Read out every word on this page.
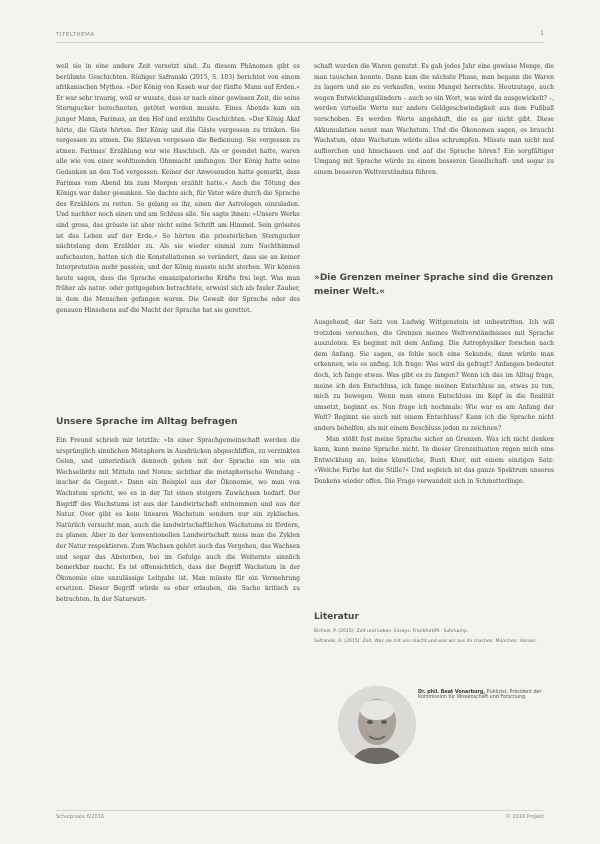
TITELTHEMA	1

weil sie in eine andere Zeit versetzt sind. Zu diesem Phänomen gibt es berühmte Geschichten. Rüdiger Safranski (2015, S. 103) berichtet von einem afrikanischen Mythos. »Der König von Kaseh war der fünfte Mann auf Erden.« Er war sehr traurig, weil er wusste, dass er nach einer gewissen Zeit, die seine Sterngucker berechneten, getötet werden musste. Eines Abends kam ein junger Mann, Farimas, an den Hof und erzählte Geschichten. »Der König Akaf hörte, die Gäste hörten. Der König und die Gäste vergessen zu trinken. Sie vergessen zu atmen. Die Sklaven vergessen die Bedienung. Sie vergessen zu atmen. Farimas' Erzählung war wie Haschisch. Als er geendet hatte, waren alle wie von einer wohltuenden Ohnmacht umfangen. Der König hatte seine Gedanken an den Tod vergessen. Keiner der Anwesenden hatte gemerkt, dass Farimas vom Abend bis zum Morgen erzählt hatte.« Auch die Tötung des Königs war daher gesunken. Sie dachte sich, für Vater wäre durch die Sprache des Erzählers zu retten. So gelang es ihr, einen der Astrologen einzuladen. Und nachher noch einen und am Schluss alle. Sie sagte ihnen: »Unsere Werke sind gross, das grösste ist aber nicht seine Schrift am Himmel. Sein grösstes ist das Leben auf der Erde.« So hörten die priesterlichen Sterngucker nächtelang dem Erzähler zu. Als sie wieder einmal zum Nachthimmel aufschauten, hatten sich die Konstellationen so verändert, dass sie an keiner Interpretation mehr passten, und der König musste nicht sterben. Wir können heute sagen, dass die Sprache emanzipatorische Kräfte frei legt. Was man früher als natur- oder gottgegeben betrachtete, erweist sich als fauler Zauber, in dem die Menschen gefangen waren. Die Gewalt der Sprache oder des genauen Hinsehens auf die Macht der Sprache hat sie gerettet.

Unsere Sprache im Alltag befragen

Ein Freund schrieb mir letztlin: »In einer Sprachgemeinschaft werden die ursprünglich sinnlichen Metaphern in Ausdrücken abgeschliffen, zu verzinkten Gelen, und unterirdisch dennoch gehen mit der Sprache ein wie ein Wechselbrite mit Mitteln und Noten: sichtbar die metaphorische Wendung – inscher da Gegent.« Dann ein Beispiel aus der Ökonomie, wo man von Wachstum spricht, wo es in der Tat einen steigern Zuwächsen bedarf. Der Begriff des Wachstums ist aus der Landwirtschaft entnommen und aus der Natur. Over gibt es kein lineares Wachstum sondern nur ein zyklisches. Natürlich versucht man, auch die landwirtschaftlichen Wachstums zu fördern, zu planen. Aber in der konventionellen Landwirtschaft muss man die Zyklen der Natur respektieren. Zum Wachsen gehört auch das Vergehen, das Wachsen und sogar das Absterben, bei im Gefolge auch die Welternte sinnlich bemerkbar macht. Es ist offensichtlich, dass der Begriff Wachstum in der Ökonomie eine unzulässige Leitgabe ist. Man müsste für ein Vermehrung ersetzen. Dieser Begriff würde es eher erlauben, die Sache kritisch zu betrachten. In der Naturwirt-

schaft wurden die Waren genutzt. Es gab jedes Jahr eine gewisse Menge, die man tauschen konnte. Dann kam die nächste Phase, man begann die Waren zu lagern und sie zu verkaufen, wenn Mangel herrschte. Heutzutage, auch wegen Entwicklungsländern – auch so ein Wort, was wird da ausgewickelt? –, werden virtuelle Werte nur anders Geldgeschwindigkeit aus dem Fußball verschoben. Es werden Werte angehäuft, die es gar nicht gibt. Diese Akkumulation nennt man Wachstum. Und die Ökonomen sagen, es braucht Wachstum, ohne Wachstum würde alles schrumpfen. Müsste man nicht mal aufhorchen und hinschauen und auf die Sprache hören? Ein sorgfältiger Umgang mit Sprache würde zu einem besseren Gesellschaft- und sogar zu einem besseren Weltverständnis führen.

»Die Grenzen meiner Sprache sind die Grenzen meiner Welt.«

Ausgehend, der Satz von Ludwig Wittgenstein ist unbestritten. Ich will trotzdem versuchen, die Grenzen meines Weltverständnisses mit Sprache auszuloten. Es beginnt mit dem Anfang. Die Astrophysiker forschen nach dem Anfang. Sie sagen, es fehle noch eine Sekunde, dann würde man erkennen, wie es anfing. Ich frage: Was wird da gefragt? Anfangen bedeutet doch, ich fange etwas. Was gibt es zu fangen? Wenn ich das im Alltag frage, meine ich den Entschluss, ich fange meinen Entschluss an, etwas zu tun, mich zu bewegen. Wenn man einen Entschluss im Kopf in die Realität umsetzt, beginnt es. Nun frage ich nochmals: Wie war es am Anfang der Welt? Beginnt sie auch mit einem Entschluss? Kann ich die Sprache nicht anders behelfen, als mit einem Beschluss jeden zu zeichnen?

Man stößt fest meine Sprache sicher an Grenzen. Was ich nicht denken kann, kann meine Sprache nicht. In dieser Grenzsituation regen mich eine Entwicklung an, keine künstliche, Busti Kher, mit einem einzigen Satz: »Welche Farbe hat die Stille?« Und sogleich ist das ganze Spektrum unseres Denkens wieder offen. Die Frage verwandelt sich in Schmetterlinge.

Literatur
Bichsel, P. (2015): Zeit und Leben. Essays. Frankfurt/M.: Suhrkamp.
Safranski, R. (2015): Zeit. Was sie mit uns macht und was wir aus ihr machen. München: Hanser.
Dr. phil. Beat Vonarburg, Publizist, Präsident der Kommission für Wissenschaft und Forschung
Schulpraxis 6/2016	© 2016 Projekt
